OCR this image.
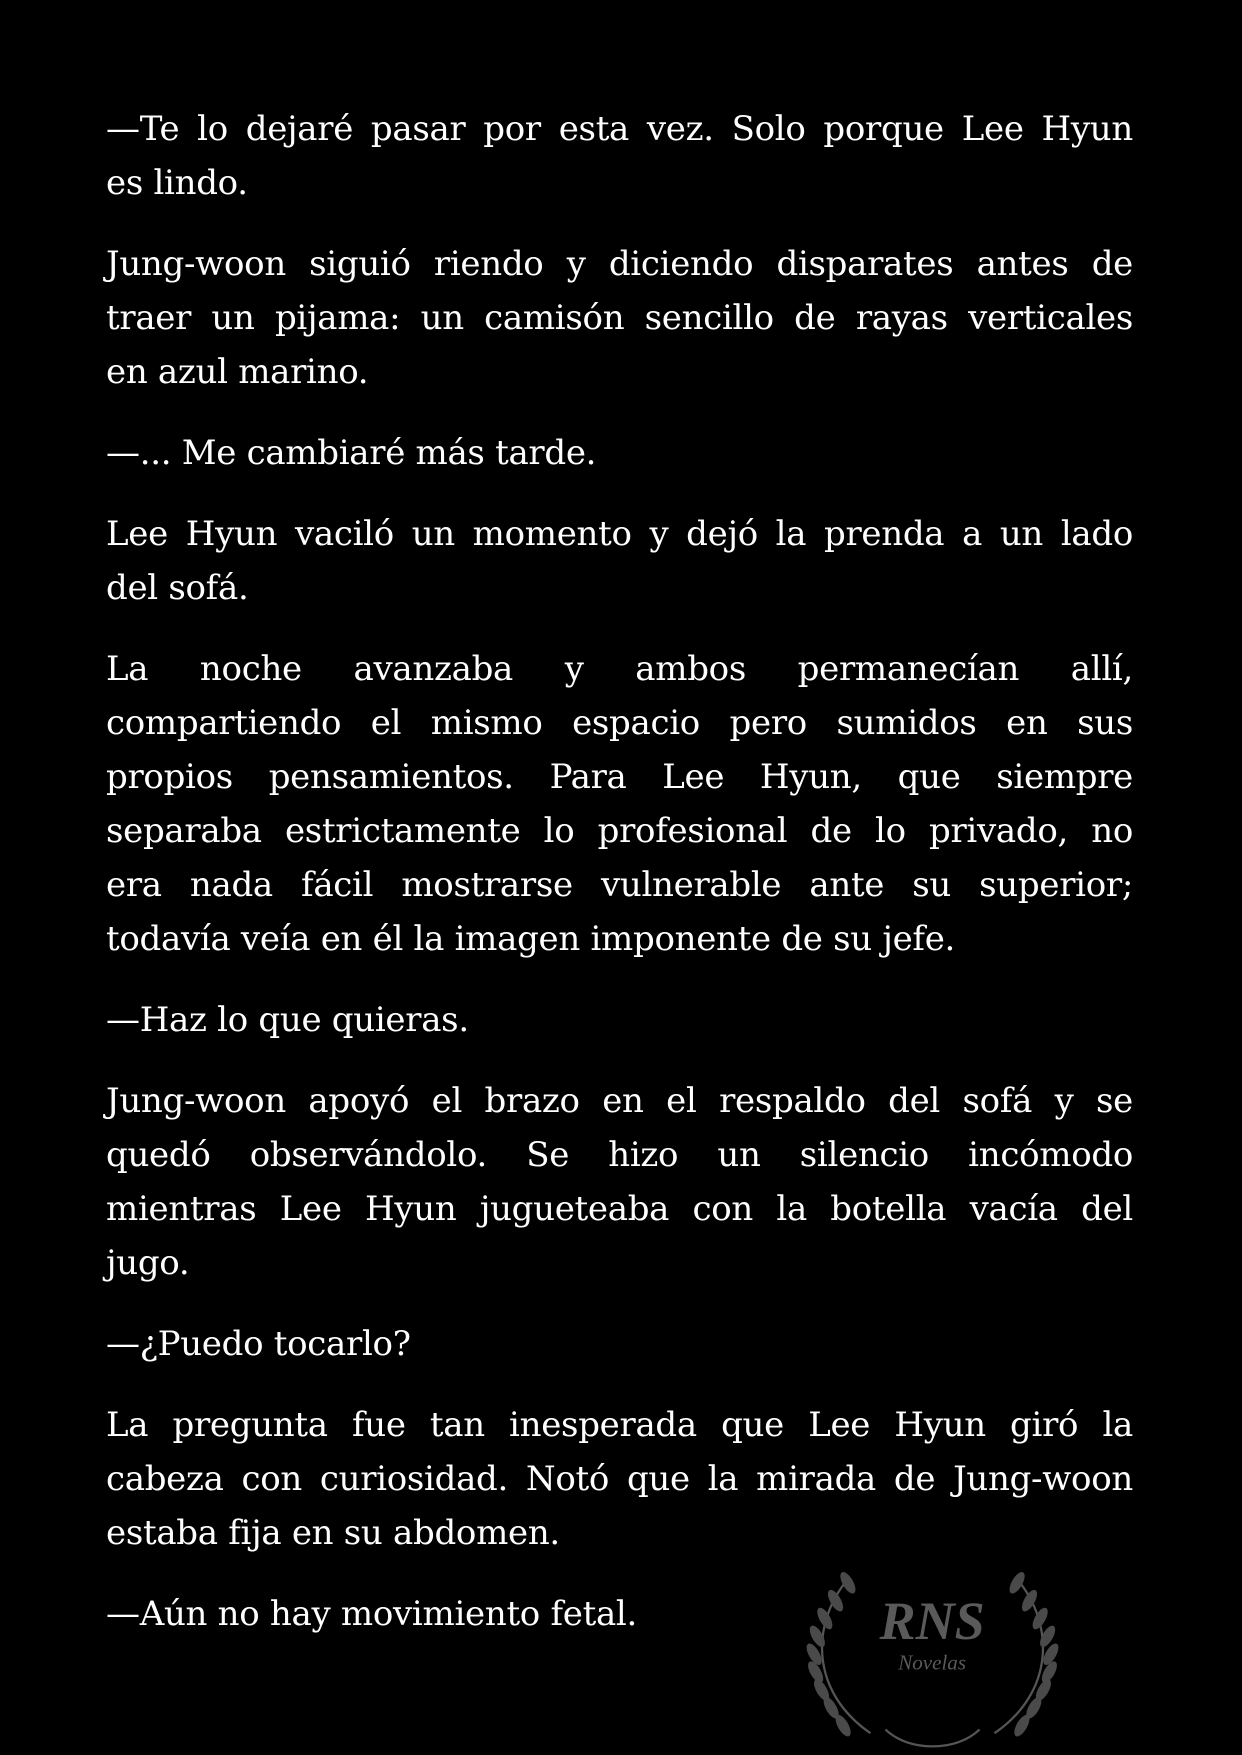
—Te lo dejaré pasar por esta vez. Solo porque Lee Hyun
es lindo.

Jung-woon siguió riendo y diciendo disparates antes de
traer un pijama: un camisón sencillo de rayas verticales
en azul marino.

—... Me cambiaré más tarde.

Lee Hyun vaciló un momento y dejó la prenda a un lado
del sofá.

La noche avanzaba y ambos permanecían allí,
compartiendo el mismo espacio pero sumidos en sus
propios pensamientos. Para Lee Hyun, que siempre
separaba estrictamente lo profesional de lo privado, no
era nada fácil mostrarse vulnerable ante su superior;
todavía veía en él la imagen imponente de su jefe.

—Haz lo que quieras.

Jung-woon apoyó el brazo en el respaldo del sofá y se
quedó observándolo. Se hizo un silencio incómodo
mientras Lee Hyun jugueteaba con la botella vacía del
jugo.

—¿Puedo tocarlo?

La pregunta fue tan inesperada que Lee Hyun giró la
cabeza con curiosidad. Notó que la mirada de Jung-woon
estaba fija en su abdomen.

—Aún no hay movimiento fetal.	RNS
Novelas
